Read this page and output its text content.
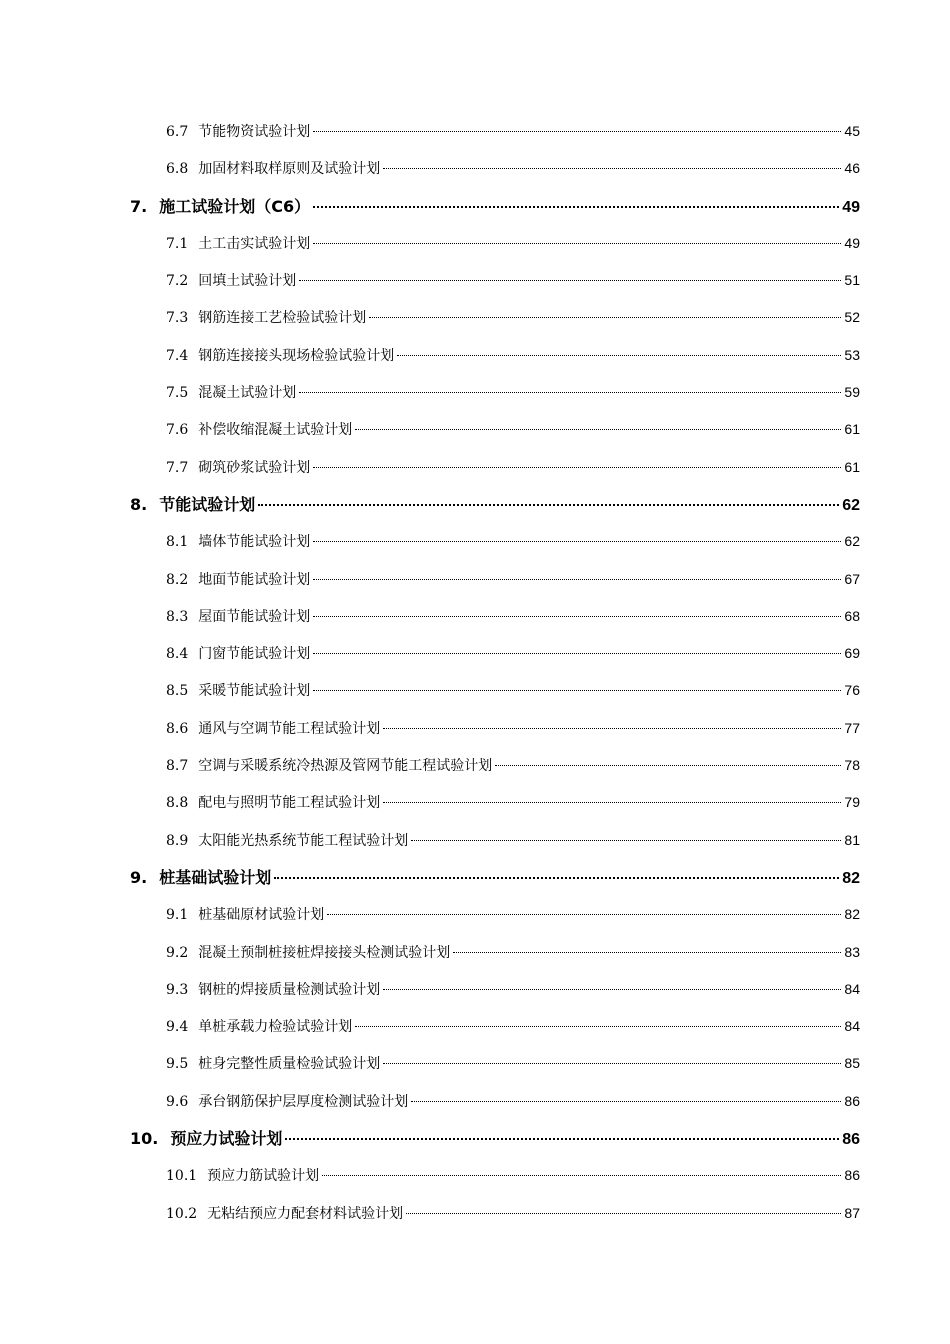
6.7 节能物资试验计划	45
6.8 加固材料取样原则及试验计划	46
7. 施工试验计划（C6）	49
7.1 土工击实试验计划	49
7.2 回填土试验计划	51
7.3 钢筋连接工艺检验试验计划	52
7.4 钢筋连接接头现场检验试验计划	53
7.5 混凝土试验计划	59
7.6 补偿收缩混凝土试验计划	61
7.7 砌筑砂浆试验计划	61
8. 节能试验计划	62
8.1 墙体节能试验计划	62
8.2 地面节能试验计划	67
8.3 屋面节能试验计划	68
8.4 门窗节能试验计划	69
8.5 采暖节能试验计划	76
8.6 通风与空调节能工程试验计划	77
8.7 空调与采暖系统冷热源及管网节能工程试验计划	78
8.8 配电与照明节能工程试验计划	79
8.9 太阳能光热系统节能工程试验计划	81
9. 桩基础试验计划	82
9.1 桩基础原材试验计划	82
9.2 混凝土预制桩接桩焊接接头检测试验计划	83
9.3 钢桩的焊接质量检测试验计划	84
9.4 单桩承载力检验试验计划	84
9.5 桩身完整性质量检验试验计划	85
9.6 承台钢筋保护层厚度检测试验计划	86
10. 预应力试验计划	86
10.1 预应力筋试验计划	86
10.2 无粘结预应力配套材料试验计划	87
